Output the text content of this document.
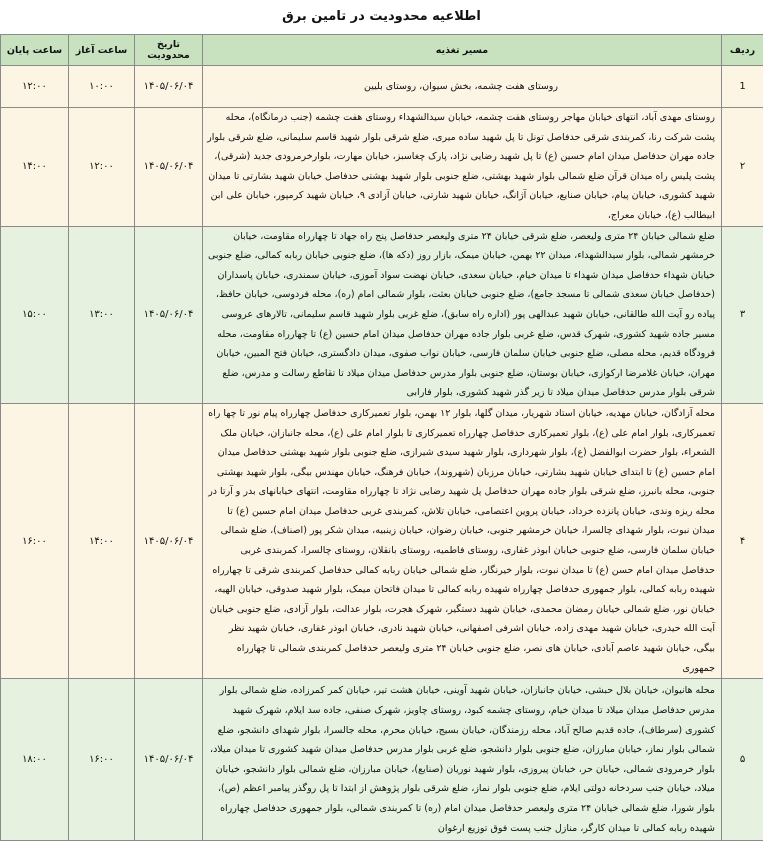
اطلاعیه محدودیت در تامین برق
ردیف	مسیر تغذیه	تاریخ محدودیت	ساعت آغاز	ساعت پایان
1	روستای هفت چشمه، بخش سیوان، روستای بلیین	۱۴۰۵/۰۶/۰۴	۱۰:۰۰	۱۲:۰۰
۲	روستای مهدی آباد، انتهای خیابان مهاجر روستای هفت چشمه، خیابان سیدالشهداء روستای هفت چشمه (جنب درمانگاه)، محله پشت شرکت رنا، کمربندی شرقی حدفاصل تونل تا پل شهید ساده میری، ضلع شرقی بلوار شهید قاسم سلیمانی، ضلع شرقی بلوار جاده مهران حدفاصل میدان امام حسین (ع) تا پل شهید رضایی نژاد، پارک چغاسبز، خیابان مهارت، بلوارخرمرودی جدید (شرقی)، پشت پلیس راه میدان قرآن ضلع شمالی بلوار شهید بهشتی، ضلع جنوبی بلوار شهید بهشتی حدفاصل خیابان شهید بشارتی تا میدان شهید کشوری، خیابان پیام، خیابان صنایع، خیابان آژانگ، خیابان شهید شارتی، خیابان آزادی ۹، خیابان شهید کرمپور، خیابان علی ابن ابیطالب (ع)، خیابان معراج،	۱۴۰۵/۰۶/۰۴	۱۲:۰۰	۱۴:۰۰
۳	ضلع شمالی خیابان ۲۴ متری ولیعصر، ضلع شرقی خیابان ۲۴ متری ولیعصر حدفاصل پنج راه جهاد تا چهارراه مقاومت، خیابان خرمشهر شمالی، بلوار سیدالشهداء، میدان ۲۲ بهمن، خیابان میمک، بازار روز (دکه ها)، ضلع جنوبی خیابان ربابه کمالی، ضلع جنوبی خیابان شهداء حدفاصل میدان شهداء تا میدان خیام، خیابان سعدی، خیابان نهضت سواد آموزی، خیابان سمندری، خیابان پاسداران (حدفاصل خیابان سعدی شمالی تا مسجد جامع)، ضلع جنوبی خیابان بعثت، بلوار شمالی امام (ره)، محله فردوسی، خیابان حافظ، پیاده رو آیت الله طالقانی، خیابان شهید عبدالهی پور (اداره راه سابق)، ضلع غربی بلوار شهید قاسم سلیمانی، تالارهای عروسی مسیر جاده شهید کشوری، شهرک قدس، ضلع غربی بلوار جاده مهران حدفاصل میدان امام حسین (ع) تا چهارراه مقاومت، محله فرودگاه قدیم، محله مصلی، ضلع جنوبی خیابان سلمان فارسی، خیابان نواب صفوی، میدان دادگستری، خیابان فتح المبین، خیابان مهران، خیابان غلامرضا ارکوازی، خیابان بوستان، ضلع جنوبی بلوار مدرس حدفاصل میدان میلاد تا تقاطع رسالت و مدرس، ضلع شرقی بلوار مدرس حدفاصل میدان میلاد تا زیر گذر شهید کشوری، بلوار فارابی	۱۴۰۵/۰۶/۰۴	۱۳:۰۰	۱۵:۰۰
۴	محله آزادگان، خیابان مهدیه، خیابان استاد شهریار، میدان گلها، بلوار ۱۲ بهمن، بلوار تعمیرکاری حدفاصل چهارراه پیام نور تا چها راه تعمیرکاری، بلوار امام علی (ع)، بلوار تعمیرکاری حدفاصل چهارراه تعمیرکاری تا بلوار امام علی (ع)، محله جانبازان، خیابان ملک الشعراء، بلوار حضرت ابوالفضل (ع)، بلوار شهرداری، بلوار شهید سیدی شیرازی، ضلع جنوبی بلوار شهید بهشتی حدفاصل میدان امام حسین (ع) تا ابتدای خیابان شهید بشارتی، خیابان مرزبان (شهروند)، خیابان فرهنگ، خیابان مهندس بیگی، بلوار شهید بهشتی جنوبی، محله بانبرز، ضلع شرقی بلوار جاده مهران حدفاصل پل شهید رضایی نژاد تا چهارراه مقاومت، انتهای خیابانهای بدر و آرتا در محله ریزه وندی، خیابان پانزده خرداد، خیابان پروین اعتصامی، خیابان تلاش، کمربندی غربی حدفاصل میدان امام حسین (ع) تا میدان نبوت، بلوار شهدای چالسرا، خیابان خرمشهر جنوبی، خیابان رضوان، خیابان زینبیه، میدان شکر پور (اصناف)، ضلع شمالی خیابان سلمان فارسی، ضلع جنوبی خیابان ابوذر غفاری، روستای فاطمیه، روستای بانقلان، روستای چالسرا، کمربندی غربی حدفاصل میدان امام حسن (ع) تا میدان نبوت، بلوار خیرنگار، ضلع شمالی خیابان ربابه کمالی حدفاصل کمربندی شرقی تا چهارراه شهیده ربابه کمالی، بلوار جمهوری حدفاصل چهارراه شهیده ربابه کمالی تا میدان فاتحان میمک، بلوار شهید صدوقی، خیابان الهیه، خیابان نور، ضلع شمالی خیابان رمضان محمدی، خیابان شهید دستگیر، شهرک هجرت، بلوار عدالت، بلوار آزادی، ضلع جنوبی خیابان آیت الله حیدری، خیابان شهید مهدی زاده، خیابان اشرفی اصفهانی، خیابان شهید نادری، خیابان ابوذر غفاری، خیابان شهید نظر بیگی، خیابان شهید عاصم آبادی، خیابان های نصر، ضلع جنوبی خیابان ۲۴ متری ولیعصر حدفاصل کمربندی شمالی تا چهارراه جمهوری	۱۴۰۵/۰۶/۰۴	۱۴:۰۰	۱۶:۰۰
۵	محله هانیوان، خیابان بلال حبشی، خیابان جانبازان، خیابان شهید آوینی، خیابان هشت تیر، خیابان کمر کمرزاده، ضلع شمالی بلوار مدرس حدفاصل میدان میلاد تا میدان خیام، روستای چشمه کبود، روستای چاویز، شهرک صنفی، جاده سد ایلام، شهرک شهید کشوری (سرطاف)، جاده قدیم صالح آباد، محله رزمندگان، خیابان بسیج، خیابان محرم، محله جالسرا، بلوار شهدای دانشجو، ضلع شمالی بلوار نماز، خیابان مبارزان، ضلع جنوبی بلوار دانشجو، ضلع غربی بلوار مدرس حدفاصل میدان شهید کشوری تا میدان میلاد، بلوار خرمرودی شمالی، خیابان حر، خیابان پیروزی، بلوار شهید نوریان (صنایع)، خیابان مبارزان، ضلع شمالی بلوار دانشجو، خیابان میلاد، خیابان جنب سردخانه دولتی ایلام، ضلع جنوبی بلوار نماز، ضلع شرقی بلوار پژوهش از ابتدا تا پل روگذر پیامبر اعظم (ص)، بلوار شورا، ضلع شمالی خیابان ۲۴ متری ولیعصر حدفاصل میدان امام (ره) تا کمربندی شمالی، بلوار جمهوری حدفاصل چهارراه شهیده ربابه کمالی تا میدان کارگر، منازل جنب پست فوق توزیع ارغوان	۱۴۰۵/۰۶/۰۴	۱۶:۰۰	۱۸:۰۰
